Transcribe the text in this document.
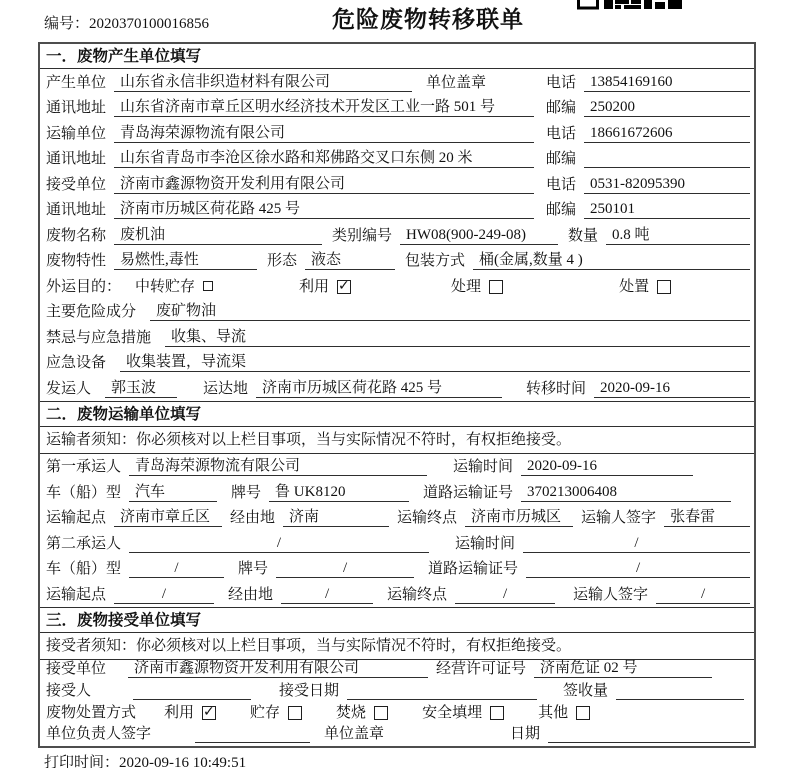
编号：2020370100016856	危险废物转移联单
一．废物产生单位填写
产生单位 山东省永信非织造材料有限公司	单位盖章	电话 13854169160
通讯地址 山东省济南市章丘区明水经济技术开发区工业一路 501 号	邮编 250200
运输单位 青岛海荣源物流有限公司	电话 18661672606
通讯地址 山东省青岛市李沧区徐水路和郑佛路交叉口东侧 20 米	邮编
接受单位 济南市鑫源物资开发利用有限公司	电话 0531-82095390
通讯地址 济南市历城区荷花路 425 号	邮编 250101
废物名称 废机油	类别编号 HW08(900-249-08)	数量 0.8 吨
废物特性 易燃性,毒性	形态 液态	包装方式 桶(金属,数量 4 )
外运目的： 中转贮存	利用 ✓	处理	处置
主要危险成分	废矿物油
禁忌与应急措施	收集、导流
应急设备	收集装置，导流渠
发运人	郭玉波	运达地 济南市历城区荷花路 425 号	转移时间 2020-09-16
二．废物运输单位填写
运输者须知：你必须核对以上栏目事项，当与实际情况不符时，有权拒绝接受。
第一承运人 青岛海荣源物流有限公司	运输时间 2020-09-16
车（船）型 汽车	牌号 鲁 UK8120	道路运输证号 370213006408
运输起点 济南市章丘区	经由地 济南	运输终点 济南市历城区	运输人签字 张春雷
第二承运人	/	运输时间	/
车（船）型	/	牌号	/	道路运输证号	/
运输起点	/	经由地	/	运输终点	/	运输人签字	/
三．废物接受单位填写
接受者须知：你必须核对以上栏目事项，当与实际情况不符时，有权拒绝接受。
接受单位	济南市鑫源物资开发利用有限公司	经营许可证号 济南危证 02 号
接受人	接受日期	签收量
废物处置方式 利用 ✓ 贮存	焚烧	安全填埋	其他
单位负责人签字	单位盖章	日期
打印时间：2020-09-16 10:49:51
